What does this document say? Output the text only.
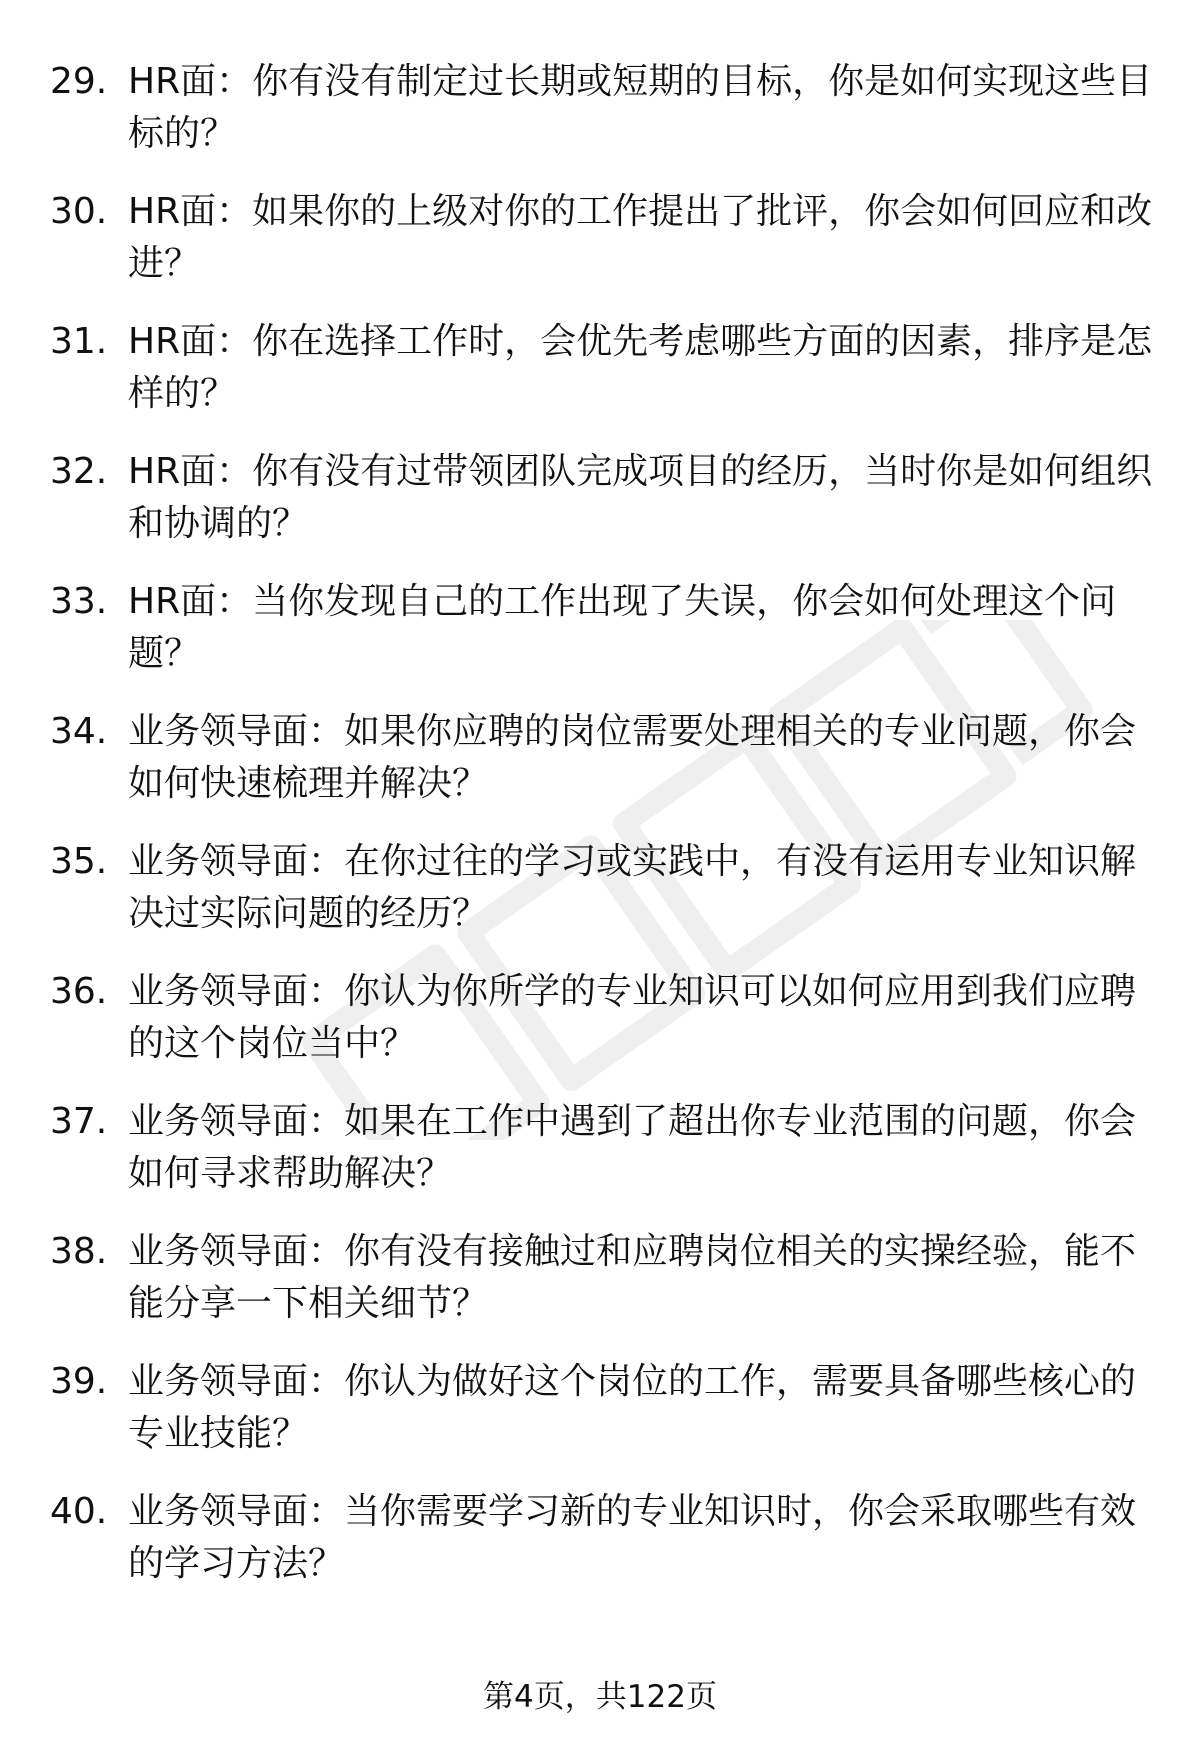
29. HR面：你有没有制定过长期或短期的目标，你是如何实现这些目标的？
30. HR面：如果你的上级对你的工作提出了批评，你会如何回应和改进？
31. HR面：你在选择工作时，会优先考虑哪些方面的因素，排序是怎样的？
32. HR面：你有没有过带领团队完成项目的经历，当时你是如何组织和协调的？
33. HR面：当你发现自己的工作出现了失误，你会如何处理这个问题？
34. 业务领导面：如果你应聘的岗位需要处理相关的专业问题，你会如何快速梳理并解决？
35. 业务领导面：在你过往的学习或实践中，有没有运用专业知识解决过实际问题的经历？
36. 业务领导面：你认为你所学的专业知识可以如何应用到我们应聘的这个岗位当中？
37. 业务领导面：如果在工作中遇到了超出你专业范围的问题，你会如何寻求帮助解决？
38. 业务领导面：你有没有接触过和应聘岗位相关的实操经验，能不能分享一下相关细节？
39. 业务领导面：你认为做好这个岗位的工作，需要具备哪些核心的专业技能？
40. 业务领导面：当你需要学习新的专业知识时，你会采取哪些有效的学习方法？
第4页，共122页
